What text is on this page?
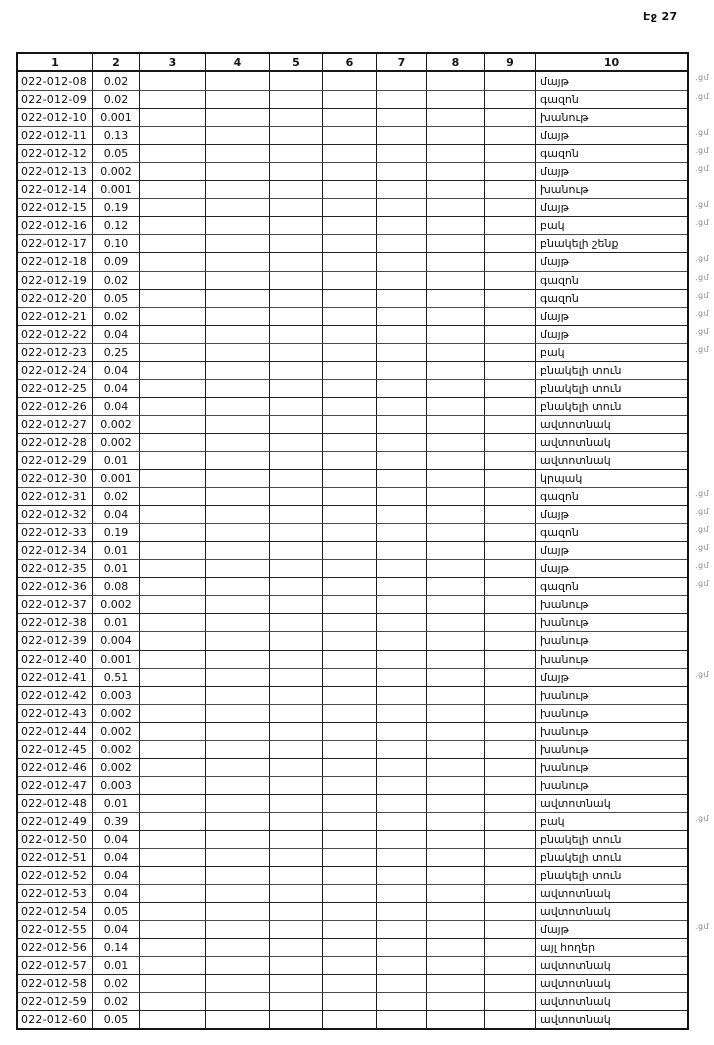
Էջ 27
1	2	3	4	5	6	7	8	9	10
022-012-08	0.02	մայթ	.ցմ
022-012-09	0.02	գազոն	.ցմ
022-012-10	0.001	խանութ
022-012-11	0.13	մայթ	.ցմ
022-012-12	0.05	գազոն	.ցմ
022-012-13	0.002	մայթ	.ցմ
022-012-14	0.001	խանութ
022-012-15	0.19	մայթ	.ցմ
022-012-16	0.12	բակ	.ցմ
022-012-17	0.10	բնակելի շենք
022-012-18	0.09	մայթ	.ցմ
022-012-19	0.02	գազոն	.ցմ
022-012-20	0.05	գազոն	.ցմ
022-012-21	0.02	մայթ	.ցմ
022-012-22	0.04	մայթ	.ցմ
022-012-23	0.25	բակ	.ցմ
022-012-24	0.04	բնակելի տուն
022-012-25	0.04	բնակելի տուն
022-012-26	0.04	բնակելի տուն
022-012-27	0.002	ավտոտնակ
022-012-28	0.002	ավտոտնակ
022-012-29	0.01	ավտոտնակ
022-012-30	0.001	կրպակ
022-012-31	0.02	գազոն	.ցմ
022-012-32	0.04	մայթ	.ցմ
022-012-33	0.19	գազոն	.ցմ
022-012-34	0.01	մայթ	.ցմ
022-012-35	0.01	մայթ	.ցմ
022-012-36	0.08	գազոն	.ցմ
022-012-37	0.002	խանութ
022-012-38	0.01	խանութ
022-012-39	0.004	խանութ
022-012-40	0.001	խանութ
022-012-41	0.51	մայթ	.ցմ
022-012-42	0.003	խանութ
022-012-43	0.002	խանութ
022-012-44	0.002	խանութ
022-012-45	0.002	խանութ
022-012-46	0.002	խանութ
022-012-47	0.003	խանութ
022-012-48	0.01	ավտոտնակ
022-012-49	0.39	բակ	.ցմ
022-012-50	0.04	բնակելի տուն
022-012-51	0.04	բնակելի տուն
022-012-52	0.04	բնակելի տուն
022-012-53	0.04	ավտոտնակ
022-012-54	0.05	ավտոտնակ
022-012-55	0.04	մայթ	.ցմ
022-012-56	0.14	այլ հողեր
022-012-57	0.01	ավտոտնակ
022-012-58	0.02	ավտոտնակ
022-012-59	0.02	ավտոտնակ
022-012-60	0.05	ավտոտնակ
